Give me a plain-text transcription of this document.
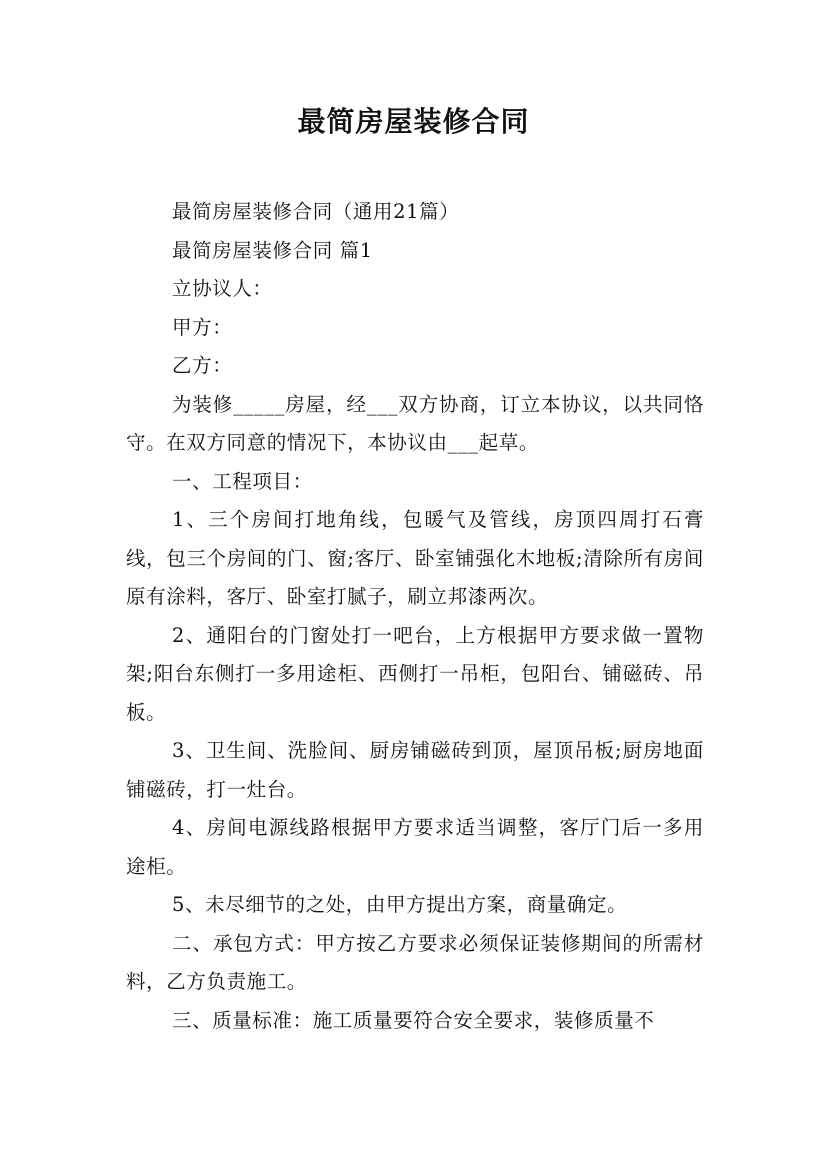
最简房屋装修合同

最简房屋装修合同（通用21篇）

最简房屋装修合同 篇1

立协议人：

甲方：

乙方：

为装修_____房屋，经___双方协商，订立本协议，以共同恪守。在双方同意的情况下，本协议由___起草。

一、工程项目：

1、三个房间打地角线，包暖气及管线，房顶四周打石膏线，包三个房间的门、窗;客厅、卧室铺强化木地板;清除所有房间原有涂料，客厅、卧室打腻子，刷立邦漆两次。

2、通阳台的门窗处打一吧台，上方根据甲方要求做一置物架;阳台东侧打一多用途柜、西侧打一吊柜，包阳台、铺磁砖、吊板。

3、卫生间、洗脸间、厨房铺磁砖到顶，屋顶吊板;厨房地面铺磁砖，打一灶台。

4、房间电源线路根据甲方要求适当调整，客厅门后一多用途柜。

5、未尽细节的之处，由甲方提出方案，商量确定。

二、承包方式：甲方按乙方要求必须保证装修期间的所需材料，乙方负责施工。

三、质量标准：施工质量要符合安全要求，装修质量不
